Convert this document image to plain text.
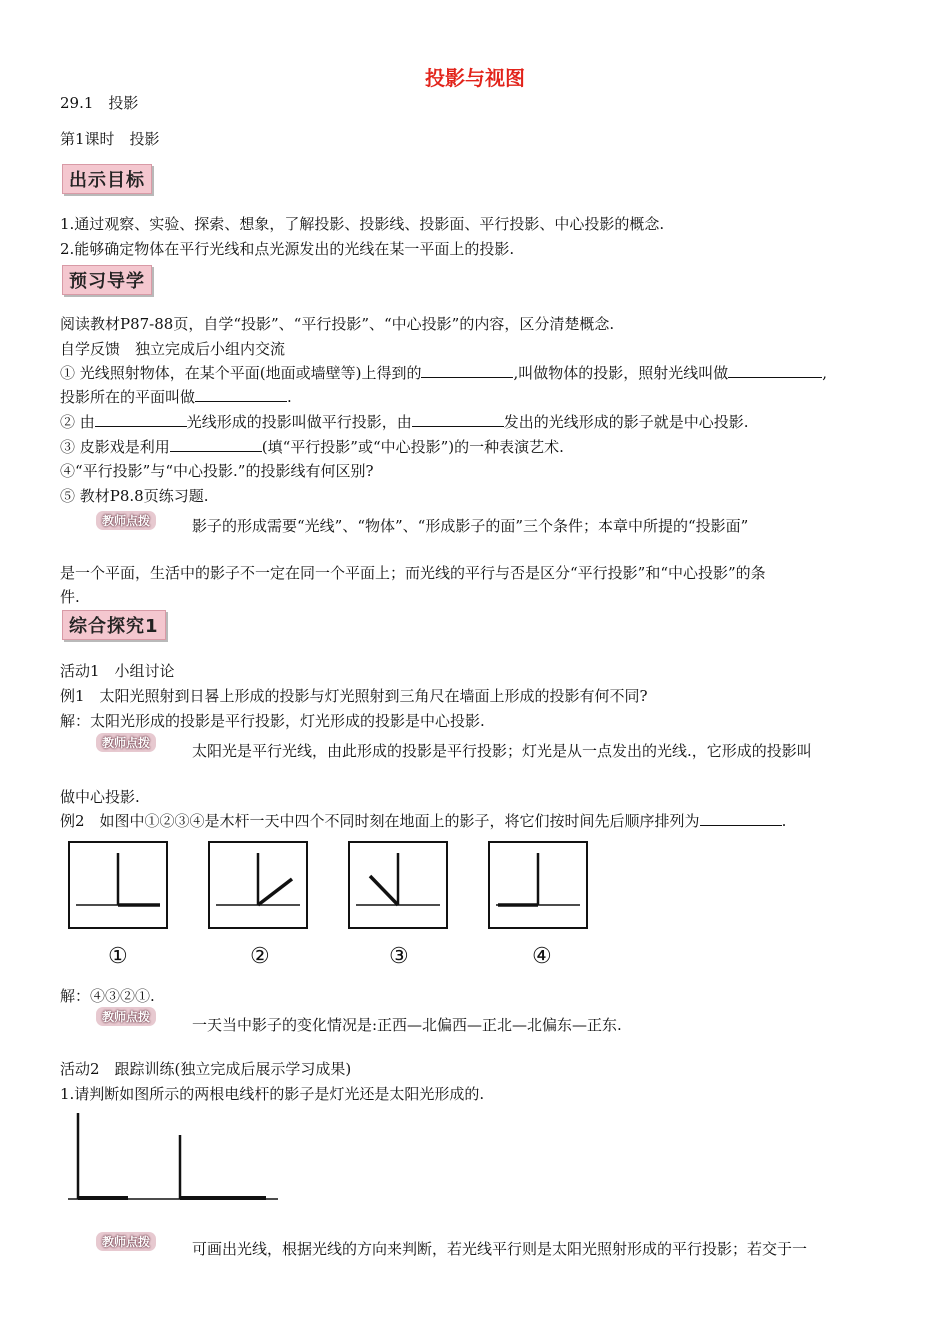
投影与视图
29.1　投影
第1课时　投影
出示目标
1.通过观察、实验、探索、想象，了解投影、投影线、投影面、平行投影、中心投影的概念.
2.能够确定物体在平行光线和点光源发出的光线在某一平面上的投影.
预习导学
阅读教材P87-88页，自学“投影”、“平行投影”、“中心投影”的内容，区分清楚概念.
自学反馈　独立完成后小组内交流
① 光线照射物体，在某个平面(地面或墙壁等)上得到的	,叫做物体的投影，照射光线叫做	,
投影所在的平面叫做	.
② 由	光线形成的投影叫做平行投影，由	发出的光线形成的影子就是中心投影.
③ 皮影戏是利用	(填“平行投影”或“中心投影”)的一种表演艺术.
④“平行投影”与“中心投影.”的投影线有何区别?
⑤ 教材P8.8页练习题.
教师点拨	影子的形成需要“光线”、“物体”、“形成影子的面”三个条件；本章中所提的“投影面”
是一个平面，生活中的影子不一定在同一个平面上；而光线的平行与否是区分“平行投影”和“中心投影”的条
件.
综合探究1
活动1　小组讨论
例1　太阳光照射到日晷上形成的投影与灯光照射到三角尺在墙面上形成的投影有何不同?
解：太阳光形成的投影是平行投影，灯光形成的投影是中心投影.
教师点拨	太阳光是平行光线，由此形成的投影是平行投影；灯光是从一点发出的光线.，它形成的投影叫
做中心投影.
例2　如图中①②③④是木杆一天中四个不同时刻在地面上的影子，将它们按时间先后顺序排列为	.
①	②	③	④
解：④③②①.
教师点拨	一天当中影子的变化情况是:正西—北偏西—正北—北偏东—正东.
活动2　跟踪训练(独立完成后展示学习成果)
1.请判断如图所示的两根电线杆的影子是灯光还是太阳光形成的.
教师点拨	可画出光线，根据光线的方向来判断，若光线平行则是太阳光照射形成的平行投影；若交于一
